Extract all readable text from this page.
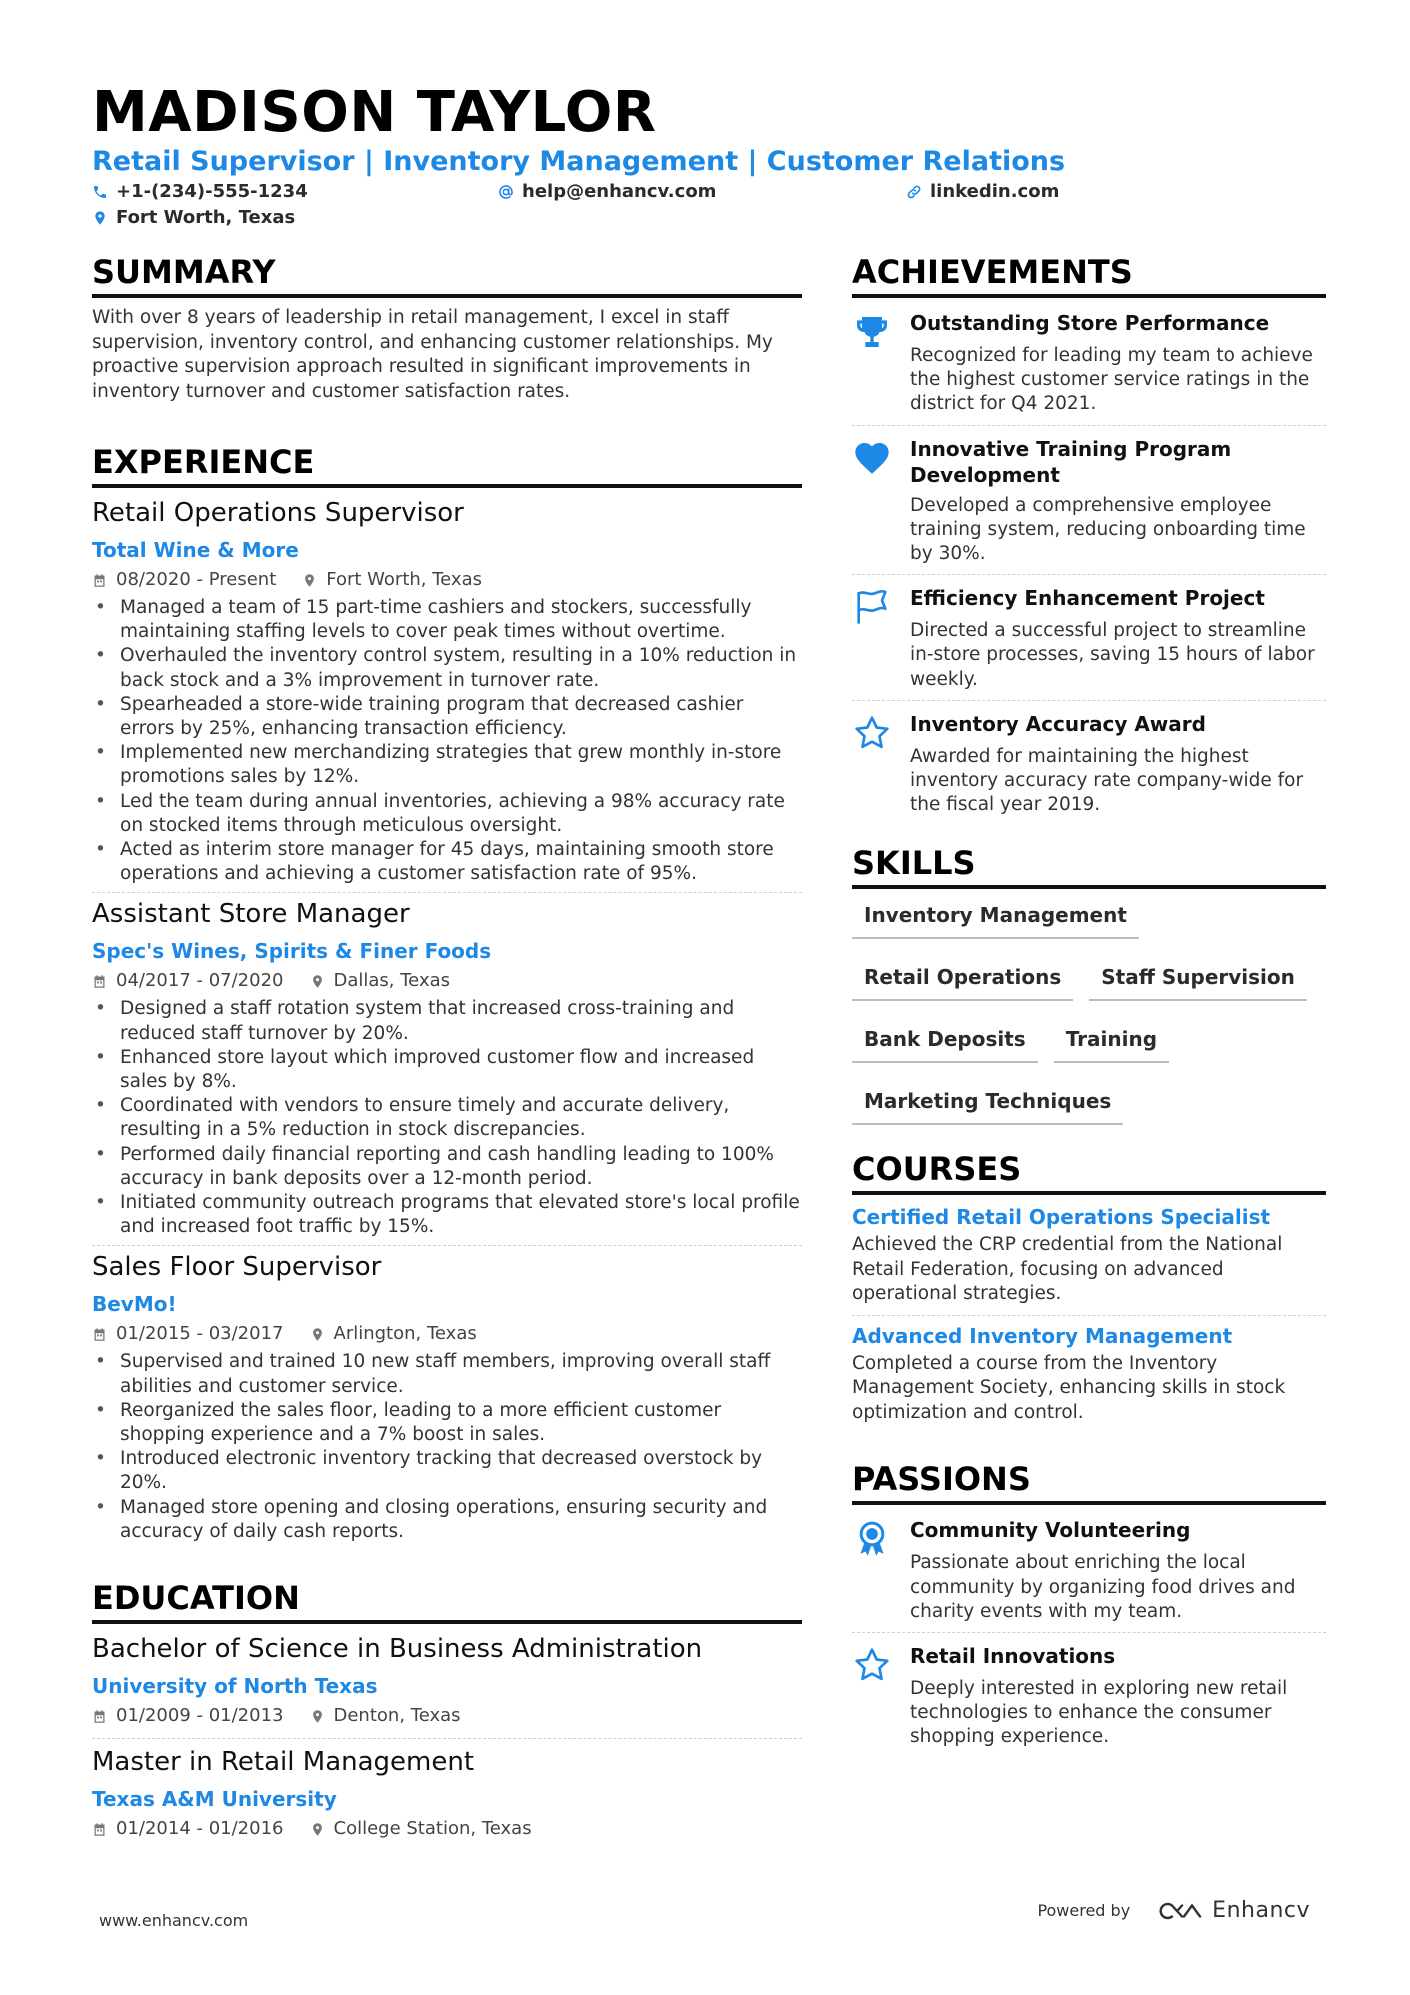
MADISON TAYLOR
Retail Supervisor | Inventory Management | Customer Relations
+1-(234)-555-1234	help@enhancv.com	linkedin.com
Fort Worth, Texas
SUMMARY
With over 8 years of leadership in retail management, I excel in staff supervision, inventory control, and enhancing customer relationships. My proactive supervision approach resulted in significant improvements in inventory turnover and customer satisfaction rates.
EXPERIENCE
Retail Operations Supervisor
Total Wine & More
08/2020 - Present	Fort Worth, Texas
• Managed a team of 15 part-time cashiers and stockers, successfully maintaining staffing levels to cover peak times without overtime.
• Overhauled the inventory control system, resulting in a 10% reduction in back stock and a 3% improvement in turnover rate.
• Spearheaded a store-wide training program that decreased cashier errors by 25%, enhancing transaction efficiency.
• Implemented new merchandizing strategies that grew monthly in-store promotions sales by 12%.
• Led the team during annual inventories, achieving a 98% accuracy rate on stocked items through meticulous oversight.
• Acted as interim store manager for 45 days, maintaining smooth store operations and achieving a customer satisfaction rate of 95%.
Assistant Store Manager
Spec's Wines, Spirits & Finer Foods
04/2017 - 07/2020	Dallas, Texas
• Designed a staff rotation system that increased cross-training and reduced staff turnover by 20%.
• Enhanced store layout which improved customer flow and increased sales by 8%.
• Coordinated with vendors to ensure timely and accurate delivery, resulting in a 5% reduction in stock discrepancies.
• Performed daily financial reporting and cash handling leading to 100% accuracy in bank deposits over a 12-month period.
• Initiated community outreach programs that elevated store's local profile and increased foot traffic by 15%.
Sales Floor Supervisor
BevMo!
01/2015 - 03/2017	Arlington, Texas
• Supervised and trained 10 new staff members, improving overall staff abilities and customer service.
• Reorganized the sales floor, leading to a more efficient customer shopping experience and a 7% boost in sales.
• Introduced electronic inventory tracking that decreased overstock by 20%.
• Managed store opening and closing operations, ensuring security and accuracy of daily cash reports.
EDUCATION
Bachelor of Science in Business Administration
University of North Texas
01/2009 - 01/2013	Denton, Texas
Master in Retail Management
Texas A&M University
01/2014 - 01/2016	College Station, Texas
ACHIEVEMENTS
Outstanding Store Performance
Recognized for leading my team to achieve the highest customer service ratings in the district for Q4 2021.
Innovative Training Program Development
Developed a comprehensive employee training system, reducing onboarding time by 30%.
Efficiency Enhancement Project
Directed a successful project to streamline in-store processes, saving 15 hours of labor weekly.
Inventory Accuracy Award
Awarded for maintaining the highest inventory accuracy rate company-wide for the fiscal year 2019.
SKILLS
Inventory Management
Retail Operations	Staff Supervision
Bank Deposits	Training
Marketing Techniques
COURSES
Certified Retail Operations Specialist
Achieved the CRP credential from the National Retail Federation, focusing on advanced operational strategies.
Advanced Inventory Management
Completed a course from the Inventory Management Society, enhancing skills in stock optimization and control.
PASSIONS
Community Volunteering
Passionate about enriching the local community by organizing food drives and charity events with my team.
Retail Innovations
Deeply interested in exploring new retail technologies to enhance the consumer shopping experience.
www.enhancv.com
Powered by	Enhancv
